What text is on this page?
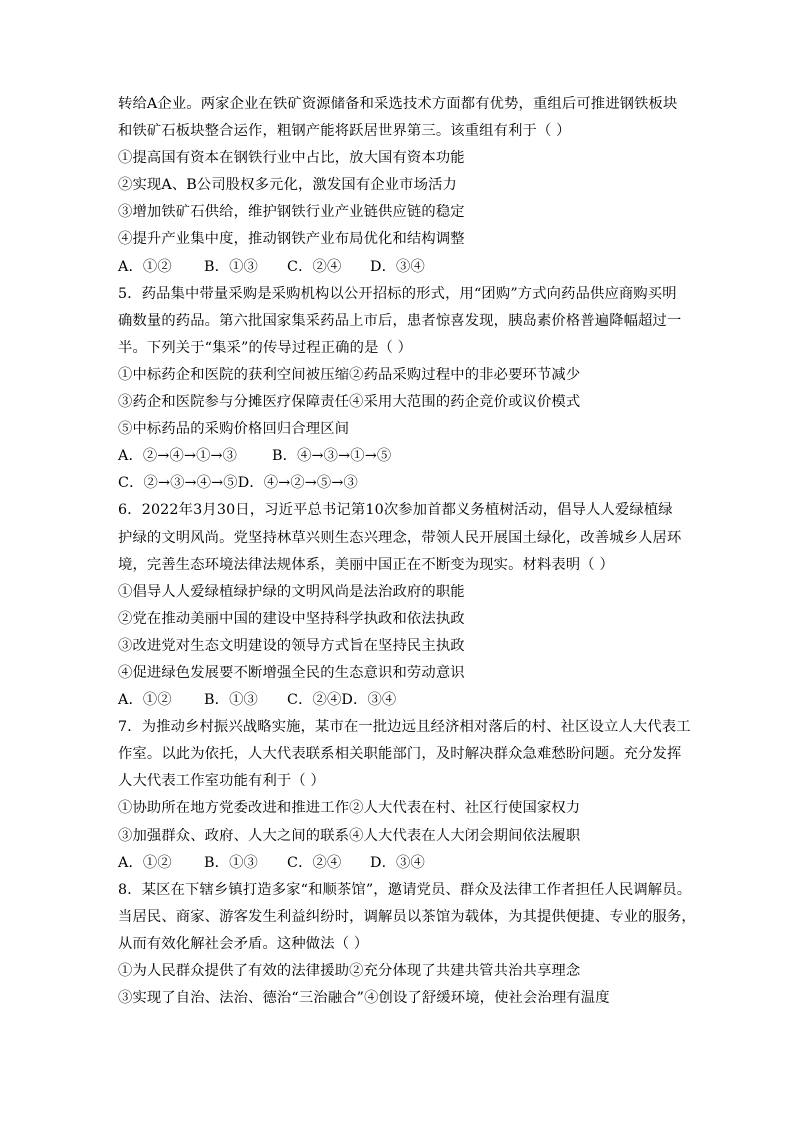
转给A企业。两家企业在铁矿资源储备和采选技术方面都有优势，重组后可推进钢铁板块
和铁矿石板块整合运作，粗钢产能将跃居世界第三。该重组有利于（ ）
①提高国有资本在钢铁行业中占比，放大国有资本功能
②实现A、B公司股权多元化，激发国有企业市场活力
③增加铁矿石供给，维护钢铁行业产业链供应链的稳定
④提升产业集中度，推动钢铁产业布局优化和结构调整
A．①②	B．①③	C．②④	D．③④
5．药品集中带量采购是采购机构以公开招标的形式，用“团购”方式向药品供应商购买明
确数量的药品。第六批国家集采药品上市后，患者惊喜发现，胰岛素价格普遍降幅超过一
半。下列关于“集采”的传导过程正确的是（ ）
①中标药企和医院的获利空间被压缩②药品采购过程中的非必要环节减少
③药企和医院参与分摊医疗保障责任④采用大范围的药企竞价或议价模式
⑤中标药品的采购价格回归合理区间
A．②→④→①→③	B．④→③→①→⑤
C．②→③→④→⑤D．④→②→⑤→③
6．2022年3月30日，习近平总书记第10次参加首都义务植树活动，倡导人人爱绿植绿
护绿的文明风尚。党坚持林草兴则生态兴理念，带领人民开展国土绿化，改善城乡人居环
境，完善生态环境法律法规体系，美丽中国正在不断变为现实。材料表明（ ）
①倡导人人爱绿植绿护绿的文明风尚是法治政府的职能
②党在推动美丽中国的建设中坚持科学执政和依法执政
③改进党对生态文明建设的领导方式旨在坚持民主执政
④促进绿色发展要不断增强全民的生态意识和劳动意识
A．①②	B．①③	C．②④D．③④
7．为推动乡村振兴战略实施，某市在一批边远且经济相对落后的村、社区设立人大代表工
作室。以此为依托，人大代表联系相关职能部门，及时解决群众急难愁盼问题。充分发挥
人大代表工作室功能有利于（ ）
①协助所在地方党委改进和推进工作②人大代表在村、社区行使国家权力
③加强群众、政府、人大之间的联系④人大代表在人大闭会期间依法履职
A．①②	B．①③	C．②④	D．③④
8．某区在下辖乡镇打造多家“和顺茶馆”，邀请党员、群众及法律工作者担任人民调解员。
当居民、商家、游客发生利益纠纷时，调解员以茶馆为载体，为其提供便捷、专业的服务，
从而有效化解社会矛盾。这种做法（ ）
①为人民群众提供了有效的法律援助②充分体现了共建共管共治共享理念
③实现了自治、法治、德治“三治融合”④创设了舒缓环境，使社会治理有温度
